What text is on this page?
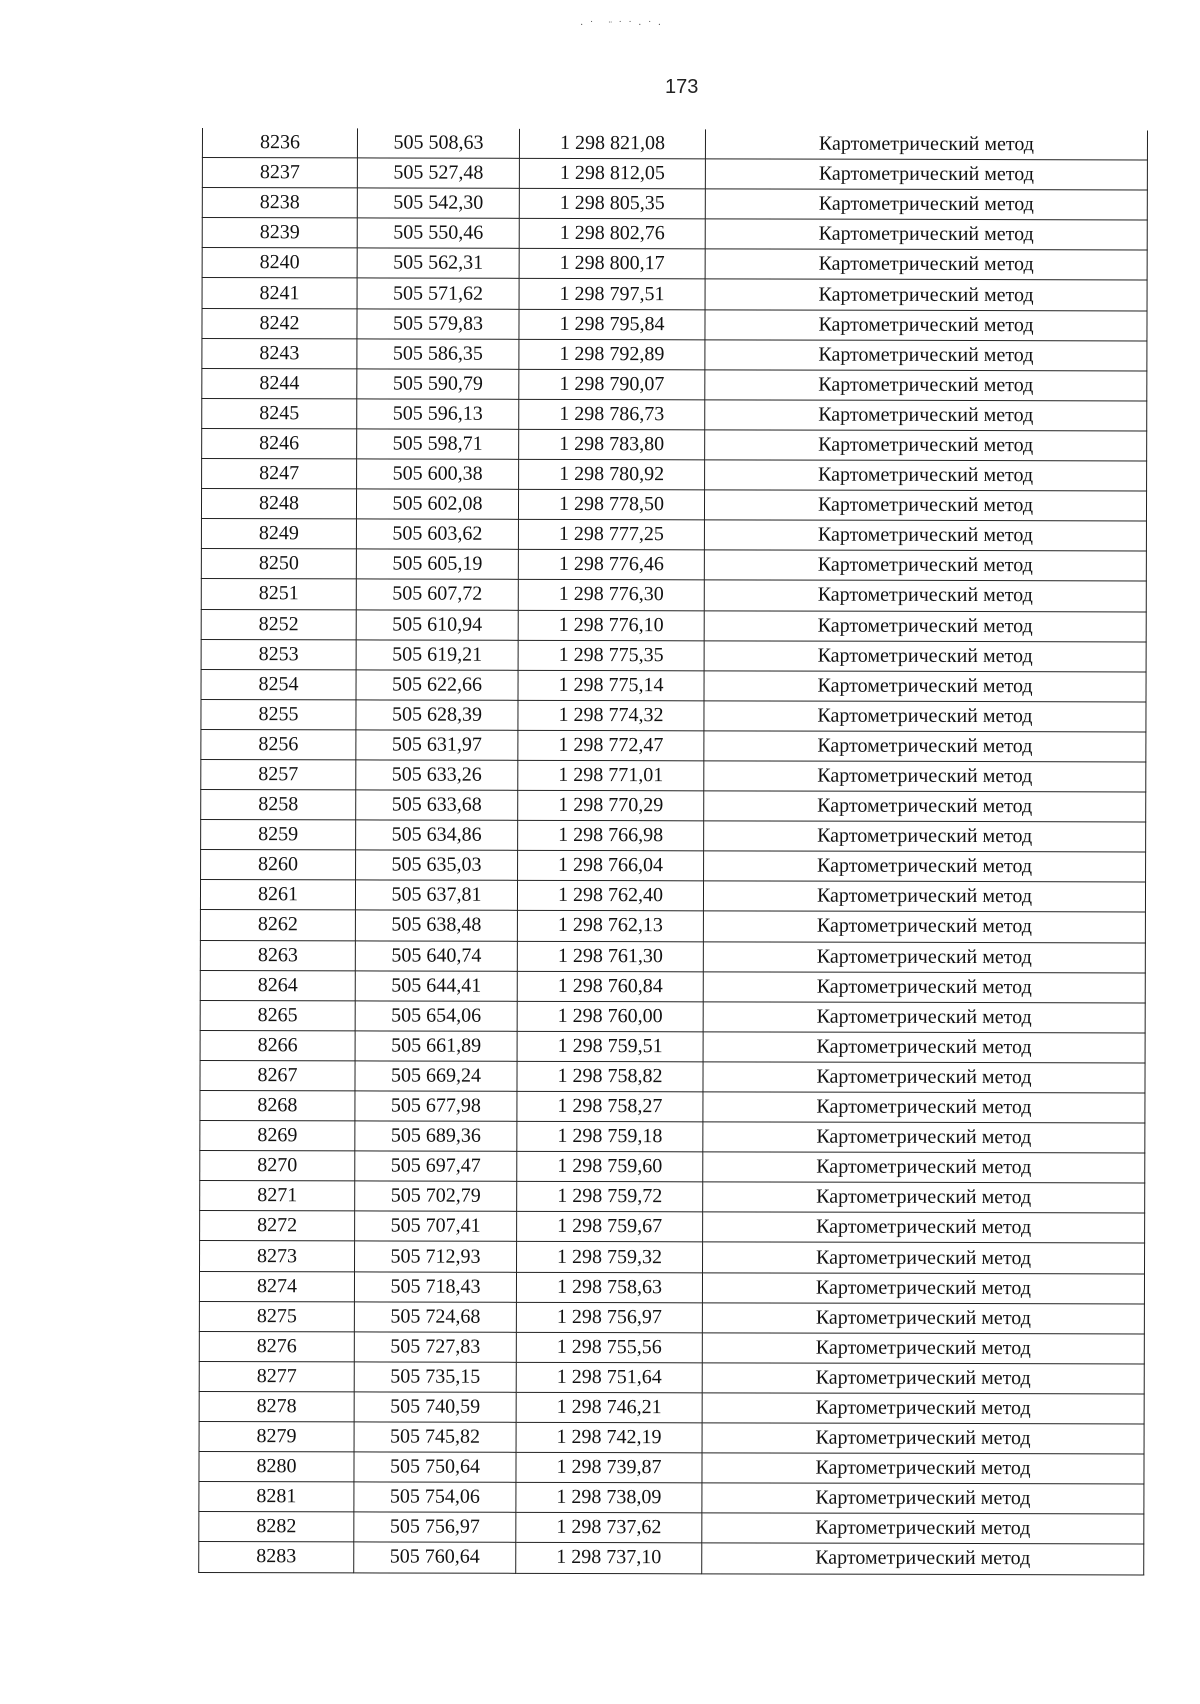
· ˙   ¨ ˙ ˙ · ˙ ·
173
8236	505 508,63	1 298 821,08	Картометрический метод
8237	505 527,48	1 298 812,05	Картометрический метод
8238	505 542,30	1 298 805,35	Картометрический метод
8239	505 550,46	1 298 802,76	Картометрический метод
8240	505 562,31	1 298 800,17	Картометрический метод
8241	505 571,62	1 298 797,51	Картометрический метод
8242	505 579,83	1 298 795,84	Картометрический метод
8243	505 586,35	1 298 792,89	Картометрический метод
8244	505 590,79	1 298 790,07	Картометрический метод
8245	505 596,13	1 298 786,73	Картометрический метод
8246	505 598,71	1 298 783,80	Картометрический метод
8247	505 600,38	1 298 780,92	Картометрический метод
8248	505 602,08	1 298 778,50	Картометрический метод
8249	505 603,62	1 298 777,25	Картометрический метод
8250	505 605,19	1 298 776,46	Картометрический метод
8251	505 607,72	1 298 776,30	Картометрический метод
8252	505 610,94	1 298 776,10	Картометрический метод
8253	505 619,21	1 298 775,35	Картометрический метод
8254	505 622,66	1 298 775,14	Картометрический метод
8255	505 628,39	1 298 774,32	Картометрический метод
8256	505 631,97	1 298 772,47	Картометрический метод
8257	505 633,26	1 298 771,01	Картометрический метод
8258	505 633,68	1 298 770,29	Картометрический метод
8259	505 634,86	1 298 766,98	Картометрический метод
8260	505 635,03	1 298 766,04	Картометрический метод
8261	505 637,81	1 298 762,40	Картометрический метод
8262	505 638,48	1 298 762,13	Картометрический метод
8263	505 640,74	1 298 761,30	Картометрический метод
8264	505 644,41	1 298 760,84	Картометрический метод
8265	505 654,06	1 298 760,00	Картометрический метод
8266	505 661,89	1 298 759,51	Картометрический метод
8267	505 669,24	1 298 758,82	Картометрический метод
8268	505 677,98	1 298 758,27	Картометрический метод
8269	505 689,36	1 298 759,18	Картометрический метод
8270	505 697,47	1 298 759,60	Картометрический метод
8271	505 702,79	1 298 759,72	Картометрический метод
8272	505 707,41	1 298 759,67	Картометрический метод
8273	505 712,93	1 298 759,32	Картометрический метод
8274	505 718,43	1 298 758,63	Картометрический метод
8275	505 724,68	1 298 756,97	Картометрический метод
8276	505 727,83	1 298 755,56	Картометрический метод
8277	505 735,15	1 298 751,64	Картометрический метод
8278	505 740,59	1 298 746,21	Картометрический метод
8279	505 745,82	1 298 742,19	Картометрический метод
8280	505 750,64	1 298 739,87	Картометрический метод
8281	505 754,06	1 298 738,09	Картометрический метод
8282	505 756,97	1 298 737,62	Картометрический метод
8283	505 760,64	1 298 737,10	Картометрический метод
